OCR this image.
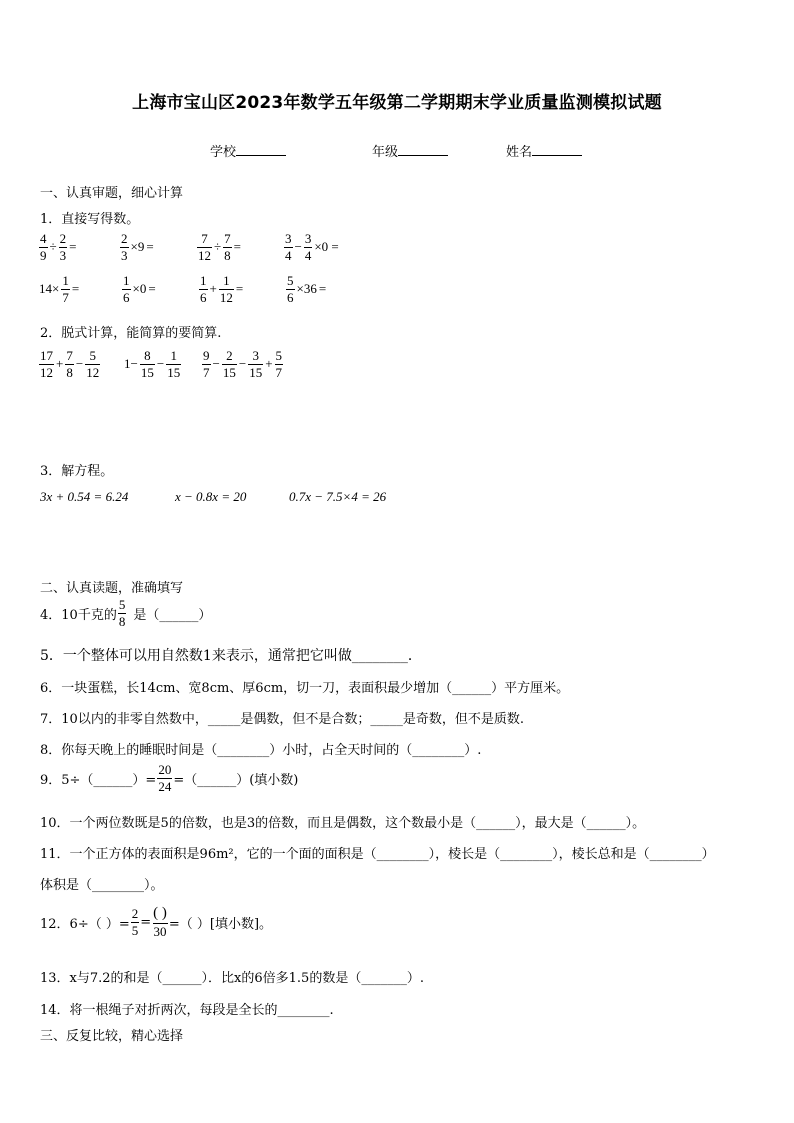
上海市宝山区2023年数学五年级第二学期期末学业质量监测模拟试题
学校	年级	姓名
一、认真审题，细心计算
1．直接写得数。
$\frac{4}{9} \div \frac{2}{3}$ =	$\frac{2}{3} \times 9$ =	$\frac{7}{12} \div \frac{7}{8}$ =	$\frac{3}{4} - \frac{3}{4} \times 0$ =
$14\times \frac{1}{7}$ =	$\frac{1}{6} \times 0$ =	$\frac{1}{6} + \frac{1}{12}$ =	$\frac{5}{6} \times 36$ =
2．脱式计算，能简算的要简算.
$\frac{17}{12} + \frac{7}{8} - \frac{5}{12} 1- \frac{8}{15} - \frac{1}{15} \frac{9}{7} - \frac{2}{15} - \frac{3}{15} + \frac{5}{7}$
3．解方程。
3x + 0.54 = 6.24	x − 0.8x = 20	0.7x − 7.5×4 = 26
二、认真读题，准确填写
4．10千克的 $\frac{5}{8}$ 是（______）
5．一个整体可以用自然数1来表示，通常把它叫做________．
6．一块蛋糕，长14cm、宽8cm、厚6cm，切一刀，表面积最少增加（______）平方厘米。
7．10以内的非零自然数中，_____是偶数，但不是合数；_____是奇数，但不是质数.
8．你每天晚上的睡眠时间是（________）小时，占全天时间的（________）.
9．5÷（______）= $\frac{20}{24}$ =（______）(填小数)
10．一个两位数既是5的倍数，也是3的倍数，而且是偶数，这个数最小是（______），最大是（______）。
11．一个正方体的表面积是96m²，它的一个面的面积是（________），棱长是（________），棱长总和是（________）
体积是（________）。
12．6÷（ ）= $\frac{2}{5} = \frac{( )}{30}$ =（ ）[填小数]。
13．x与7.2的和是（______）．比x的6倍多1.5的数是（_______）.
14．将一根绳子对折两次，每段是全长的________.
三、反复比较，精心选择
